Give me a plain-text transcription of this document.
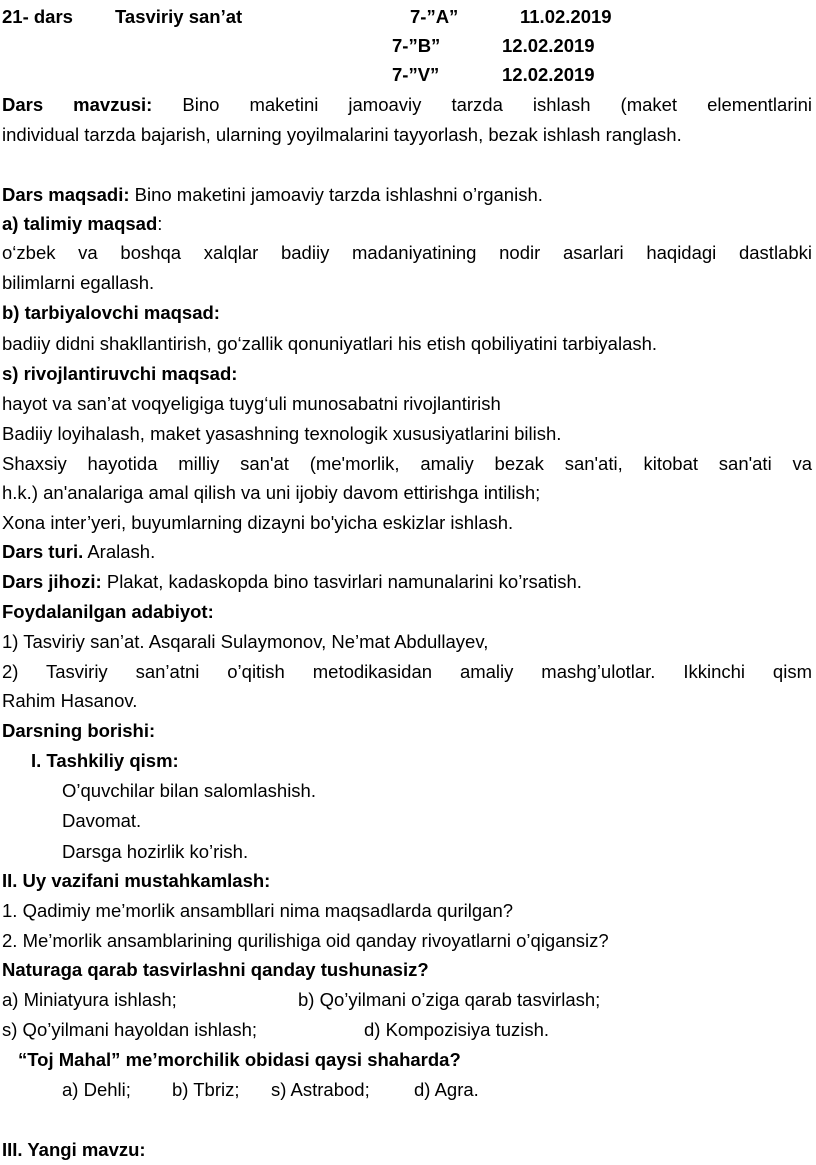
21- dars Tasviriy san’at	7-”A”	11.02.2019
7-”B”	12.02.2019
7-”V”	12.02.2019
Dars mavzusi: Bino maketini jamoaviy tarzda ishlash (maket elementlarini
individual tarzda bajarish, ularning yoyilmalarini tayyorlash, bezak ishlash ranglash.
Dars maqsadi: Bino maketini jamoaviy tarzda ishlashni o’rganish.
a) talimiy maqsad:
o‘zbek va boshqa xalqlar badiiy madaniyatining nodir asarlari haqidagi dastlabki
bilimlarni egallash.
b) tarbiyalovchi maqsad:
badiiy didni shakllantirish, go‘zallik qonuniyatlari his etish qobiliyatini tarbiyalash.
s) rivojlantiruvchi maqsad:
hayot va san’at voqyeligiga tuyg‘uli munosabatni rivojlantirish
Badiiy loyihalash, maket yasashning texnologik xususiyatlarini bilish.
Shaxsiy hayotida milliy san'at (me'morlik, amaliy bezak san'ati, kitobat san'ati va
h.k.) an'analariga amal qilish va uni ijobiy davom ettirishga intilish;
Xona inter’yeri, buyumlarning dizayni bo'yicha eskizlar ishlash.
Dars turi. Aralash.
Dars jihozi: Plakat, kadaskopda bino tasvirlari namunalarini ko’rsatish.
Foydalanilgan adabiyot:
1) Tasviriy san’at. Asqarali Sulaymonov, Ne’mat Abdullayev,
2) Tasviriy san’atni o’qitish metodikasidan amaliy mashg’ulotlar. Ikkinchi qism
Rahim Hasanov.
Darsning borishi:
I. Tashkiliy qism:
O’quvchilar bilan salomlashish.
Davomat.
Darsga hozirlik ko’rish.
II. Uy vazifani mustahkamlash:
1. Qadimiy me’morlik ansambllari nima maqsadlarda qurilgan?
2. Me’morlik ansamblarining qurilishiga oid qanday rivoyatlarni o’qigansiz?
Naturaga qarab tasvirlashni qanday tushunasiz?
a) Miniatyura ishlash;	b) Qo’yilmani o’ziga qarab tasvirlash;
s) Qo’yilmani hayoldan ishlash;	d) Kompozisiya tuzish.
“Toj Mahal” me’morchilik obidasi qaysi shaharda?
a) Dehli; b) Tbriz; s) Astrabod; d) Agra.
III. Yangi mavzu:
